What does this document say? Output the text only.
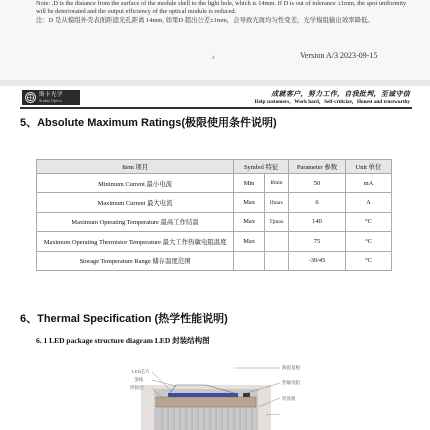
Note: .D is the distance from the surface of the module shell to the light hole, which is 14mm. If D is out of tolerance ±1mm, the spot uniformity will be deteriorated and the output efficiency of the optical module is reduced.
注：D 是从模组外壳表面距遮光孔距离 14mm, 如果D 超出公差±1mm，会导致光斑均匀性变差，光学模组输出效率降低。
4	Version A/3 2023-09-15
斯卡光学
Stokat Optics
成就客户，努力工作，自我批判，至诚守信
Help customers，Work hard，Self-criticize，Honest and trustworthy
5、Absolute Maximum Ratings(极限使用条件说明)
Item 项目	Symbol 特征		Parameter 参数	Unit 单位
Minimum Current 最小电流	Min	Ifmin	50	mA
Maximum Current 最大电流	Max	Ifmax	6	A
Maximum Operating Temperature 最高工作结温	Max	Tjmax	140	°C
Maximum Operating Thermistor Temperature 最大工作热敏电阻温度	Max		75	°C
Storage Temperature Range 储存温度范围			-30/45	°C
6、Thermal Specification (热学性能说明)
6. 1 LED package structure diagram LED 封装结构图
LED芯片
金线
焊接层
陶瓷基板
热敏电阻
铝基板
